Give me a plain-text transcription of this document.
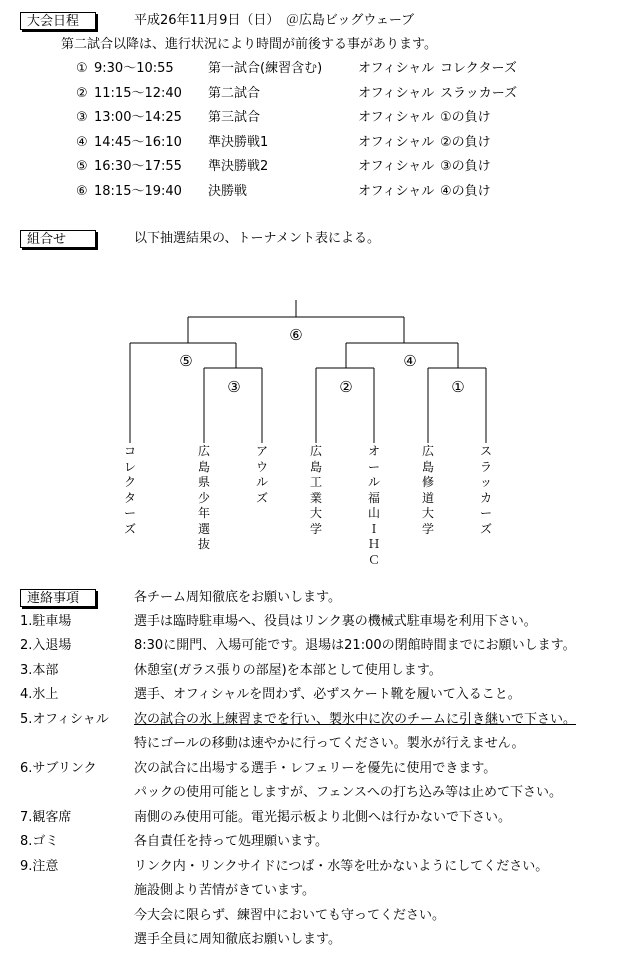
大会日程	平成26年11月9日（日）　＠広島ビッグウェーブ
第二試合以降は、進行状況により時間が前後する事があります。
① 9:30～10:55	第一試合(練習含む)	オフィシャル コレクターズ
② 11:15～12:40 第二試合	オフィシャル スラッカーズ
③ 13:00～14:25 第三試合	オフィシャル ①の負け
④ 14:45～16:10 準決勝戦1	オフィシャル ②の負け
⑤ 16:30～17:55 準決勝戦2	オフィシャル ③の負け
⑥ 18:15～19:40 決勝戦	オフィシャル ④の負け
組合せ	以下抽選結果の、トーナメント表による。
⑥
⑤	④
③	②	①
コレクターズ
広島県少年選抜
アウルズ
広島工業大学
オール福山ＩＨＣ
広島修道大学
スラッカーズ
連絡事項	各チーム周知徹底をお願いします。
1.駐車場	選手は臨時駐車場へ、役員はリンク裏の機械式駐車場を利用下さい。
2.入退場	8:30に開門、入場可能です。退場は21:00の閉館時間までにお願いします。
3.本部	休憩室(ガラス張りの部屋)を本部として使用します。
4.氷上	選手、オフィシャルを問わず、必ずスケート靴を履いて入ること。
5.オフィシャル 次の試合の氷上練習までを行い、製氷中に次のチームに引き継いで下さい。
特にゴールの移動は速やかに行ってください。製氷が行えません。
6.サブリンク	次の試合に出場する選手・レフェリーを優先に使用できます。
パックの使用可能としますが、フェンスへの打ち込み等は止めて下さい。
7.観客席	南側のみ使用可能。電光掲示板より北側へは行かないで下さい。
8.ゴミ	各自責任を持って処理願います。
9.注意	リンク内・リンクサイドにつば・水等を吐かないようにしてください。
施設側より苦情がきています。
今大会に限らず、練習中においても守ってください。
選手全員に周知徹底お願いします。
